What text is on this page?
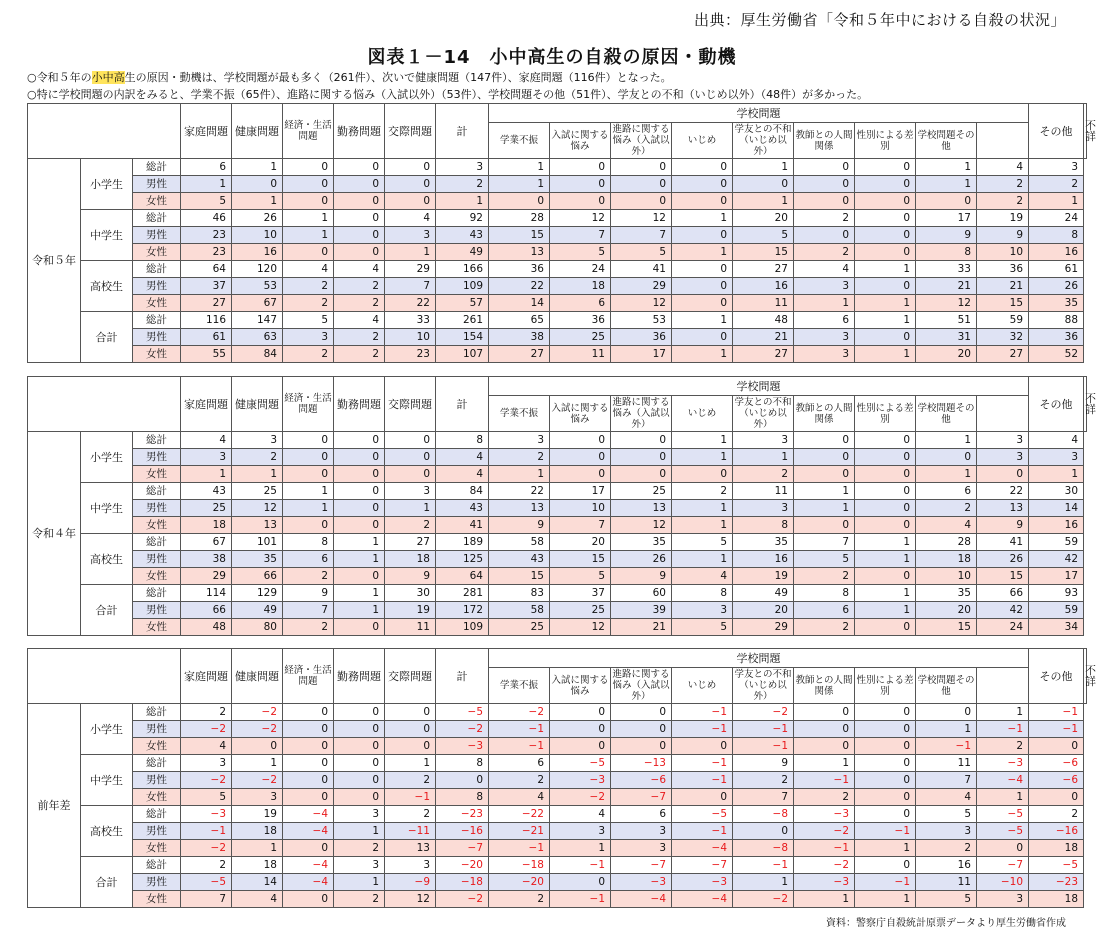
出典：厚生労働省「令和５年中における自殺の状況」
図表１－14　小中高生の自殺の原因・動機
○令和５年の小中高生の原因・動機は、学校問題が最も多く（261件）、次いで健康問題（147件）、家庭問題（116件）となった。
○特に学校問題の内訳をみると、学業不振（65件）、進路に関する悩み（入試以外）（53件）、学校問題その他（51件）、学友との不和（いじめ以外）（48件）が多かった。
			家庭問題	健康問題	経済・生活問題	勤務問題	交際問題	計	学校問題									その他	不詳
									学業不振	入試に関する悩み	進路に関する悩み（入試以外）	いじめ	学友との不和（いじめ以外）	教師との人間関係	性別による差別	学校問題その他			
令和５年	小学生	総計	6	1	0	0	0	3	1	0	0	0	1	0	0	1	4	3	
		男性	1	0	0	0	0	2	1	0	0	0	0	0	0	1	2	2	
		女性	5	1	0	0	0	1	0	0	0	0	1	0	0	0	2	1	
	中学生	総計	46	26	1	0	4	92	28	12	12	1	20	2	0	17	19	24	
		男性	23	10	1	0	3	43	15	7	7	0	5	0	0	9	9	8	
		女性	23	16	0	0	1	49	13	5	5	1	15	2	0	8	10	16	
	高校生	総計	64	120	4	4	29	166	36	24	41	0	27	4	1	33	36	61	
		男性	37	53	2	2	7	109	22	18	29	0	16	3	0	21	21	26	
		女性	27	67	2	2	22	57	14	6	12	0	11	1	1	12	15	35	
	合計	総計	116	147	5	4	33	261	65	36	53	1	48	6	1	51	59	88	
		男性	61	63	3	2	10	154	38	25	36	0	21	3	0	31	32	36	
		女性	55	84	2	2	23	107	27	11	17	1	27	3	1	20	27	52	
			家庭問題	健康問題	経済・生活問題	勤務問題	交際問題	計	学校問題									その他	不詳
									学業不振	入試に関する悩み	進路に関する悩み（入試以外）	いじめ	学友との不和（いじめ以外）	教師との人間関係	性別による差別	学校問題その他			
令和４年	小学生	総計	4	3	0	0	0	8	3	0	0	1	3	0	0	1	3	4	
		男性	3	2	0	0	0	4	2	0	0	1	1	0	0	0	3	3	
		女性	1	1	0	0	0	4	1	0	0	0	2	0	0	1	0	1	
	中学生	総計	43	25	1	0	3	84	22	17	25	2	11	1	0	6	22	30	
		男性	25	12	1	0	1	43	13	10	13	1	3	1	0	2	13	14	
		女性	18	13	0	0	2	41	9	7	12	1	8	0	0	4	9	16	
	高校生	総計	67	101	8	1	27	189	58	20	35	5	35	7	1	28	41	59	
		男性	38	35	6	1	18	125	43	15	26	1	16	5	1	18	26	42	
		女性	29	66	2	0	9	64	15	5	9	4	19	2	0	10	15	17	
	合計	総計	114	129	9	1	30	281	83	37	60	8	49	8	1	35	66	93	
		男性	66	49	7	1	19	172	58	25	39	3	20	6	1	20	42	59	
		女性	48	80	2	0	11	109	25	12	21	5	29	2	0	15	24	34	
			家庭問題	健康問題	経済・生活問題	勤務問題	交際問題	計	学校問題									その他	不詳
									学業不振	入試に関する悩み	進路に関する悩み（入試以外）	いじめ	学友との不和（いじめ以外）	教師との人間関係	性別による差別	学校問題その他			
前年差	小学生	総計	2	−2	0	0	0	−5	−2	0	0	−1	−2	0	0	0	1	−1	
		男性	−2	−2	0	0	0	−2	−1	0	0	−1	−1	0	0	1	−1	−1	
		女性	4	0	0	0	0	−3	−1	0	0	0	−1	0	0	−1	2	0	
	中学生	総計	3	1	0	0	1	8	6	−5	−13	−1	9	1	0	11	−3	−6	
		男性	−2	−2	0	0	2	0	2	−3	−6	−1	2	−1	0	7	−4	−6	
		女性	5	3	0	0	−1	8	4	−2	−7	0	7	2	0	4	1	0	
	高校生	総計	−3	19	−4	3	2	−23	−22	4	6	−5	−8	−3	0	5	−5	2	
		男性	−1	18	−4	1	−11	−16	−21	3	3	−1	0	−2	−1	3	−5	−16	
		女性	−2	1	0	2	13	−7	−1	1	3	−4	−8	−1	1	2	0	18	
	合計	総計	2	18	−4	3	3	−20	−18	−1	−7	−7	−1	−2	0	16	−7	−5	
		男性	−5	14	−4	1	−9	−18	−20	0	−3	−3	1	−3	−1	11	−10	−23	
		女性	7	4	0	2	12	−2	2	−1	−4	−4	−2	1	1	5	3	18	
資料：警察庁自殺統計原票データより厚生労働省作成
